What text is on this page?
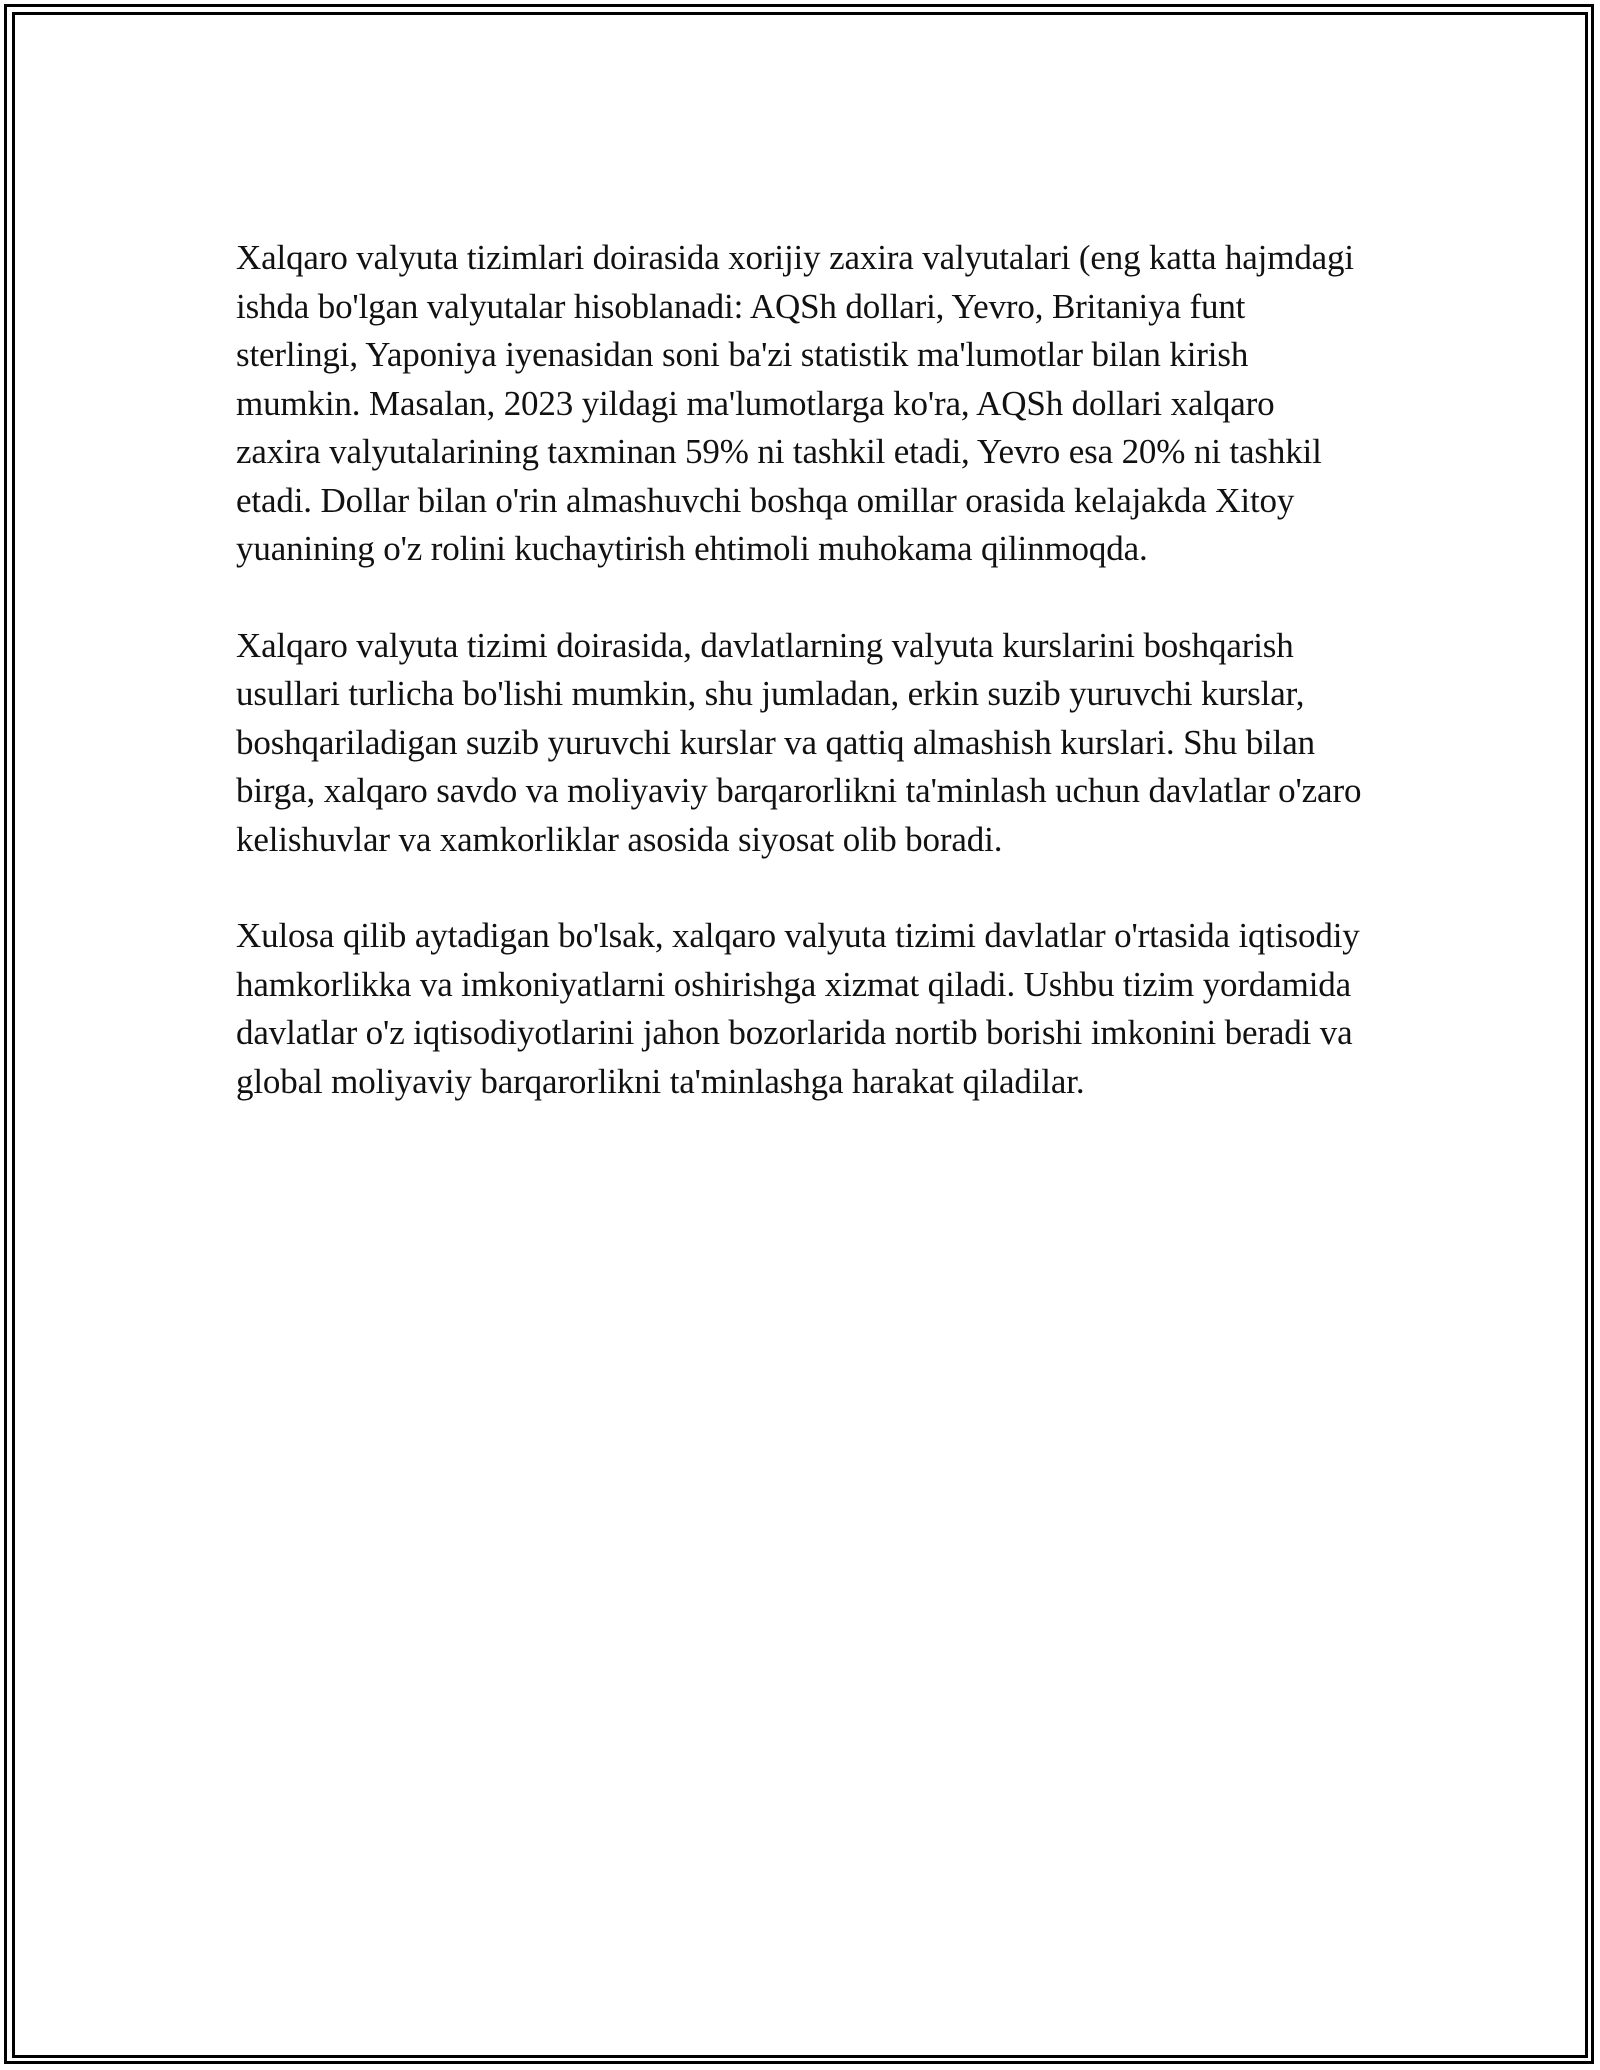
Xalqaro valyuta tizimlari doirasida xorijiy zaxira valyutalari (eng katta hajmdagi ishda bo'lgan valyutalar hisoblanadi: AQSh dollari, Yevro, Britaniya funt sterlingi, Yaponiya iyenasidan soni ba'zi statistik ma'lumotlar bilan kirish mumkin. Masalan, 2023 yildagi ma'lumotlarga ko'ra, AQSh dollari xalqaro zaxira valyutalarining taxminan 59% ni tashkil etadi, Yevro esa 20% ni tashkil etadi. Dollar bilan o'rin almashuvchi boshqa omillar orasida kelajakda Xitoy yuanining o'z rolini kuchaytirish ehtimoli muhokama qilinmoqda.

Xalqaro valyuta tizimi doirasida, davlatlarning valyuta kurslarini boshqarish usullari turlicha bo'lishi mumkin, shu jumladan, erkin suzib yuruvchi kurslar, boshqariladigan suzib yuruvchi kurslar va qattiq almashish kurslari. Shu bilan birga, xalqaro savdo va moliyaviy barqarorlikni ta'minlash uchun davlatlar o'zaro kelishuvlar va xamkorliklar asosida siyosat olib boradi.

Xulosa qilib aytadigan bo'lsak, xalqaro valyuta tizimi davlatlar o'rtasida iqtisodiy hamkorlikka va imkoniyatlarni oshirishga xizmat qiladi. Ushbu tizim yordamida davlatlar o'z iqtisodiyotlarini jahon bozorlarida nortib borishi imkonini beradi va global moliyaviy barqarorlikni ta'minlashga harakat qiladilar.
